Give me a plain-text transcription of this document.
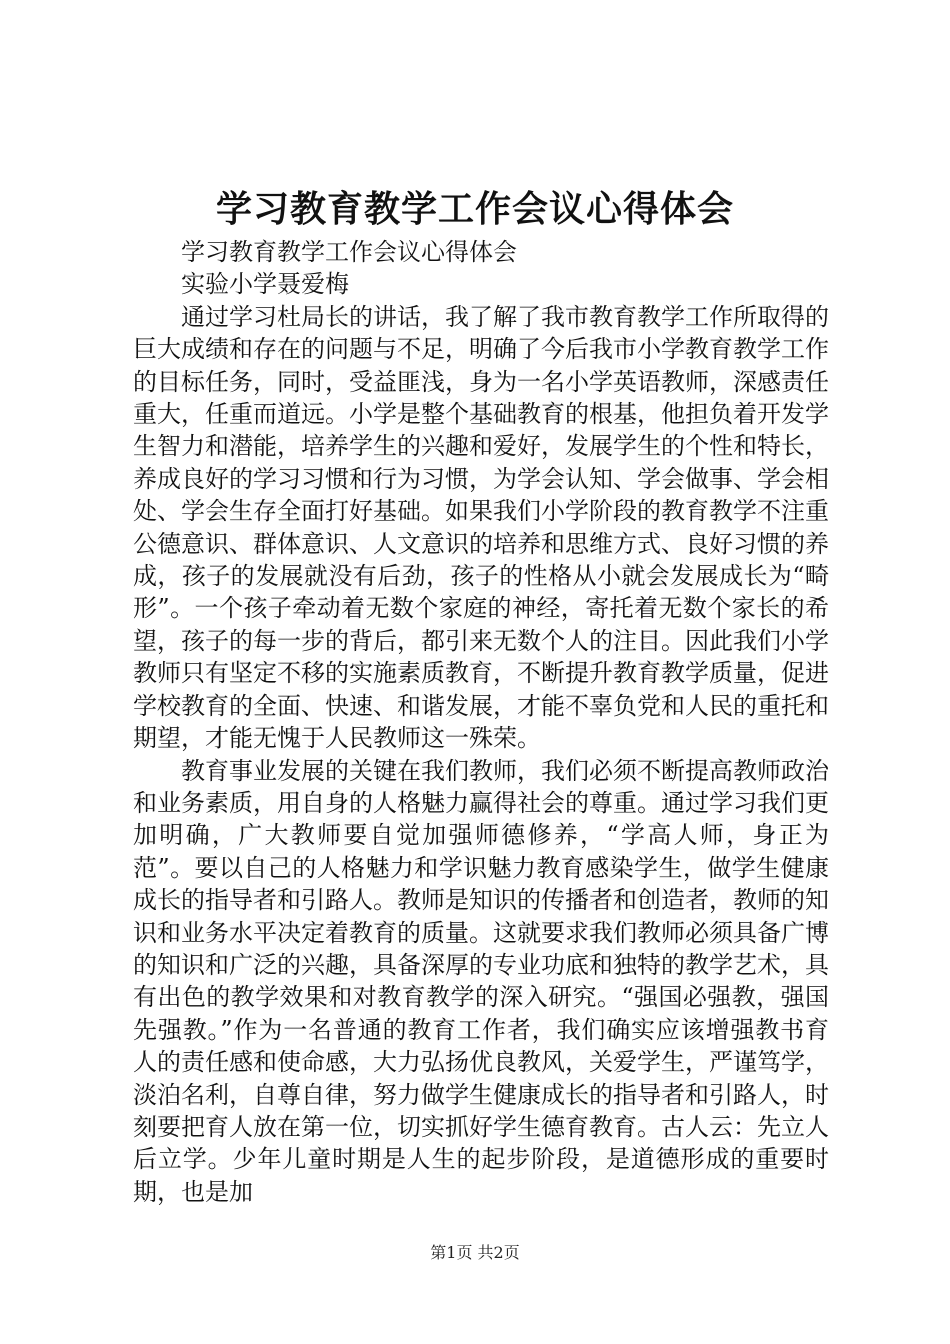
学习教育教学工作会议心得体会

学习教育教学工作会议心得体会

实验小学聂爱梅

通过学习杜局长的讲话，我了解了我市教育教学工作所取得的巨大成绩和存在的问题与不足，明确了今后我市小学教育教学工作的目标任务，同时，受益匪浅，身为一名小学英语教师，深感责任重大，任重而道远。小学是整个基础教育的根基，他担负着开发学生智力和潜能，培养学生的兴趣和爱好，发展学生的个性和特长，养成良好的学习习惯和行为习惯，为学会认知、学会做事、学会相处、学会生存全面打好基础。如果我们小学阶段的教育教学不注重公德意识、群体意识、人文意识的培养和思维方式、良好习惯的养成，孩子的发展就没有后劲，孩子的性格从小就会发展成长为“畸形”。一个孩子牵动着无数个家庭的神经，寄托着无数个家长的希望，孩子的每一步的背后，都引来无数个人的注目。因此我们小学教师只有坚定不移的实施素质教育，不断提升教育教学质量，促进学校教育的全面、快速、和谐发展，才能不辜负党和人民的重托和期望，才能无愧于人民教师这一殊荣。

教育事业发展的关键在我们教师，我们必须不断提高教师政治和业务素质，用自身的人格魅力赢得社会的尊重。通过学习我们更加明确，广大教师要自觉加强师德修养，“学高人师，身正为范”。要以自己的人格魅力和学识魅力教育感染学生，做学生健康成长的指导者和引路人。教师是知识的传播者和创造者，教师的知识和业务水平决定着教育的质量。这就要求我们教师必须具备广博的知识和广泛的兴趣，具备深厚的专业功底和独特的教学艺术，具有出色的教学效果和对教育教学的深入研究。“强国必强教，强国先强教。”作为一名普通的教育工作者，我们确实应该增强教书育人的责任感和使命感，大力弘扬优良教风，关爱学生，严谨笃学，淡泊名利，自尊自律，努力做学生健康成长的指导者和引路人，时刻要把育人放在第一位，切实抓好学生德育教育。古人云：先立人后立学。少年儿童时期是人生的起步阶段，是道德形成的重要时期，也是加

第1页 共2页
